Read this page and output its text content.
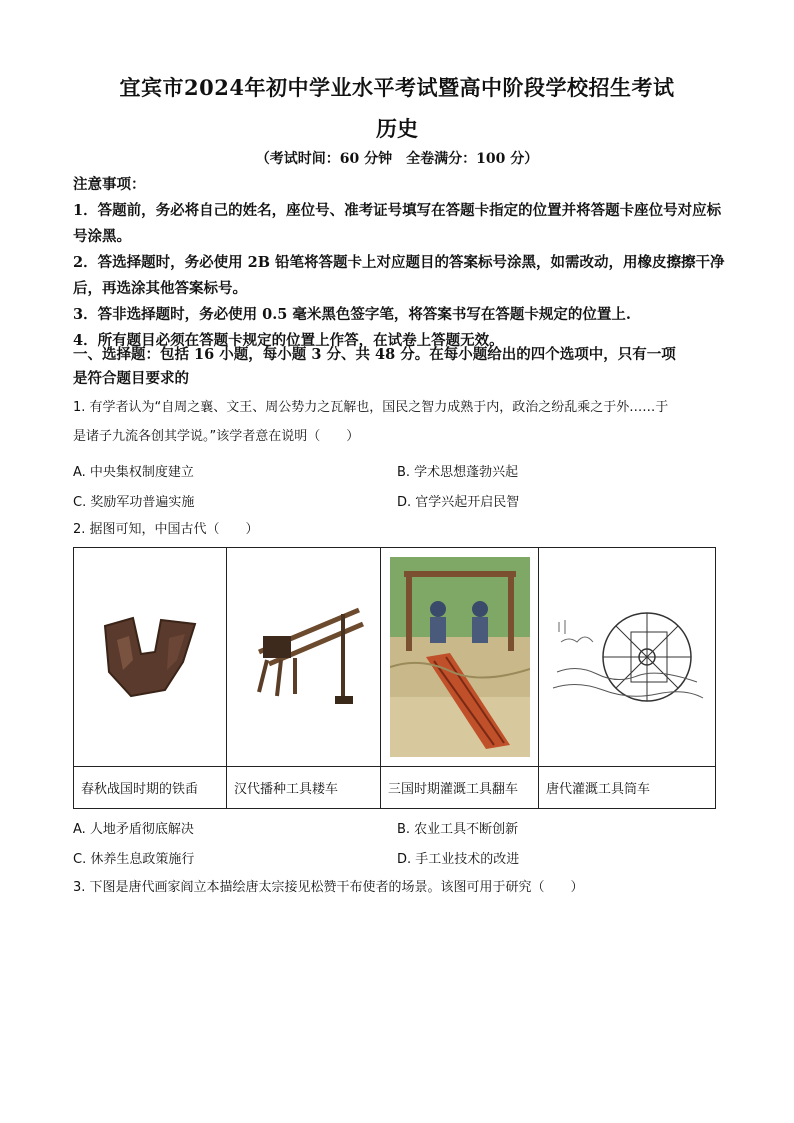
宜宾市2024年初中学业水平考试暨高中阶段学校招生考试
历史
（考试时间：60 分钟　全卷满分：100 分）

注意事项：

1．答题前，务必将自己的姓名，座位号、准考证号填写在答题卡指定的位置并将答题卡座位号对应标号涂黑。

2．答选择题时，务必使用 2B 铅笔将答题卡上对应题目的答案标号涂黑，如需改动，用橡皮擦擦干净后，再选涂其他答案标号。

3．答非选择题时，务必使用 0.5 毫米黑色签字笔，将答案书写在答题卡规定的位置上.

4．所有题目必须在答题卡规定的位置上作答，在试卷上答题无效。

一、选择题：包括 16 小题，每小题 3 分、共 48 分。在每小题给出的四个选项中，只有一项

是符合题目要求的

1. 有学者认为“自周之襄、文王、周公势力之瓦解也，国民之智力成熟于内，政治之纷乱乘之于外……于

是诸子九流各创其学说。”该学者意在说明（　　）

A. 中央集权制度建立	B. 学术思想蓬勃兴起
C. 奖励军功普遍实施	D. 官学兴起开启民智

2. 据图可知，中国古代（　　）

春秋战国时期的铁臿	汉代播种工具耧车	三国时期灌溉工具翻车	唐代灌溉工具筒车
A. 人地矛盾彻底解决	B. 农业工具不断创新
C. 休养生息政策施行	D. 手工业技术的改进

3. 下图是唐代画家阎立本描绘唐太宗接见松赞干布使者的场景。该图可用于研究（　　）
